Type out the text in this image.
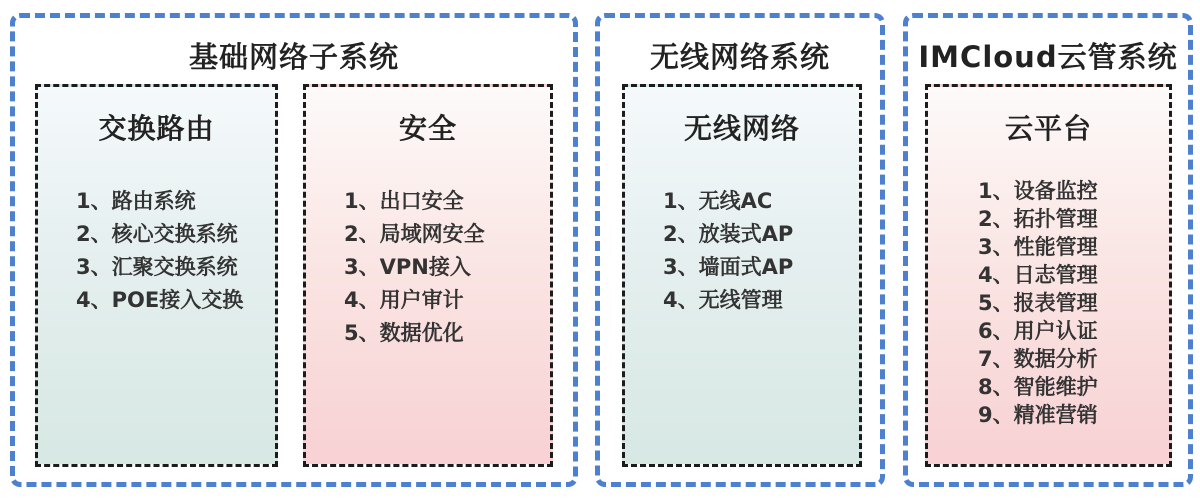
基础网络子系统
交换路由
1、路由系统
2、核心交换系统
3、汇聚交换系统
4、POE接入交换
安全
1、出口安全
2、局域网安全
3、VPN接入
4、用户审计
5、数据优化
无线网络系统
无线网络
1、无线AC
2、放装式AP
3、墙面式AP
4、无线管理
IMCloud云管系统
云平台
1、设备监控
2、拓扑管理
3、性能管理
4、日志管理
5、报表管理
6、用户认证
7、数据分析
8、智能维护
9、精准营销
